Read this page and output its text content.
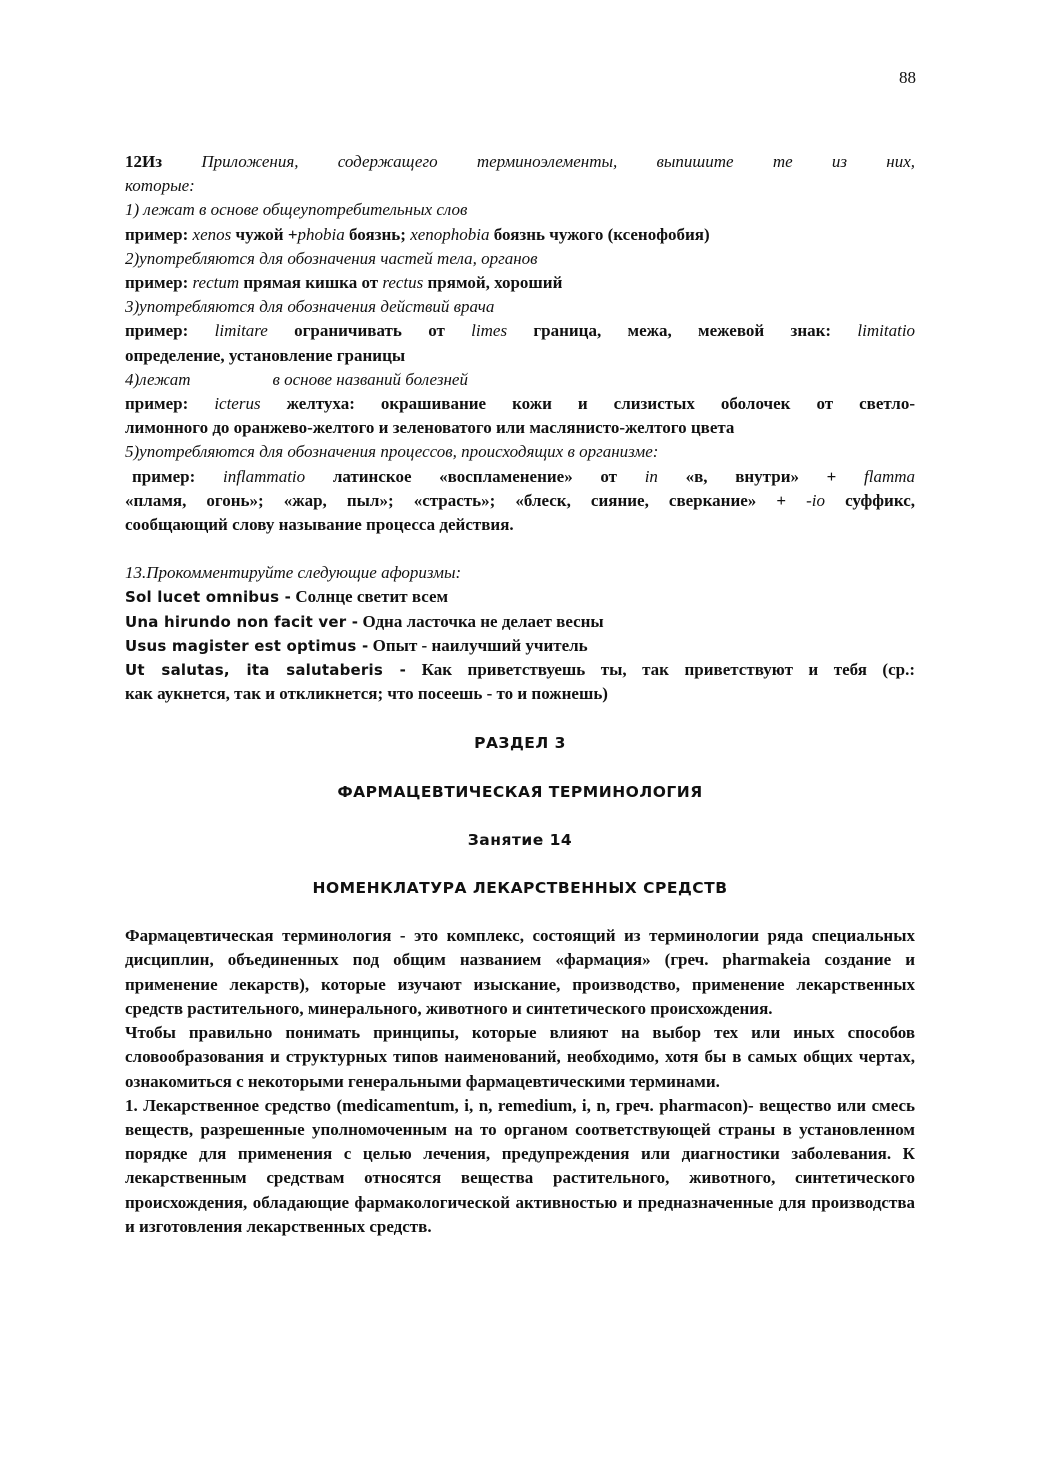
88
12Из Приложения, содержащего терминоэлементы, выпишите те из них,
которые:
1) лежат в основе общеупотребительных слов
пример: xenos чужой +phobia боязнь; xenophobia боязнь чужого (ксенофобия)
2)употребляются для обозначения частей тела, органов
пример: rectum прямая кишка от rectus прямой, хороший
3)употребляются для обозначения действий врача
пример: limitare ограничивать от limes граница, межа, межевой знак: limitatio
определение, установление границы
4)лежат	в основе названий болезней
пример: icterus желтуха: окрашивание кожи и слизистых оболочек от светло-
лимонного до оранжево-желтого и зеленоватого или маслянисто-желтого цвета
5)употребляются для обозначения процессов, происходящих в организме:
пример: inflammatio латинское «воспламенение» от in «в, внутри» + flamma
«пламя, огонь»; «жар, пыл»; «страсть»; «блеск, сияние, сверкание» + -io суффикс,
сообщающий слову называние процесса действия.
13.Прокомментируйте следующие афоризмы:
Sol lucet omnibus - Солнце светит всем
Una hirundo non facit ver - Одна ласточка не делает весны
Usus magister est optimus - Опыт - наилучший учитель
Ut salutas, ita salutaberis - Как приветствуешь ты, так приветствуют и тебя (ср.:
как аукнется, так и откликнется; что посеешь - то и пожнешь)
РАЗДЕЛ 3
ФАРМАЦЕВТИЧЕСКАЯ ТЕРМИНОЛОГИЯ
Занятие 14
НОМЕНКЛАТУРА ЛЕКАРСТВЕННЫХ СРЕДСТВ
Фармацевтическая терминология - это комплекс, состоящий из терминологии ряда специальных дисциплин, объединенных под общим названием «фармация» (греч. pharmakeia создание и применение лекарств), которые изучают изыскание, производство, применение лекарственных средств растительного, минерального, животного и синтетического происхождения.
Чтобы правильно понимать принципы, которые влияют на выбор тех или иных способов словообразования и структурных типов наименований, необходимо, хотя бы в самых общих чертах, ознакомиться с некоторыми генеральными фармацевтическими терминами.
1. Лекарственное средство (medicamentum, i, n, remedium, i, n, греч. pharmacon)- вещество или смесь веществ, разрешенные уполномоченным на то органом соответствующей страны в установленном порядке для применения с целью лечения, предупреждения или диагностики заболевания. К лекарственным средствам относятся вещества растительного, животного, синтетического происхождения, обладающие фармакологической активностью и предназначенные для производства и изготовления лекарственных средств.
